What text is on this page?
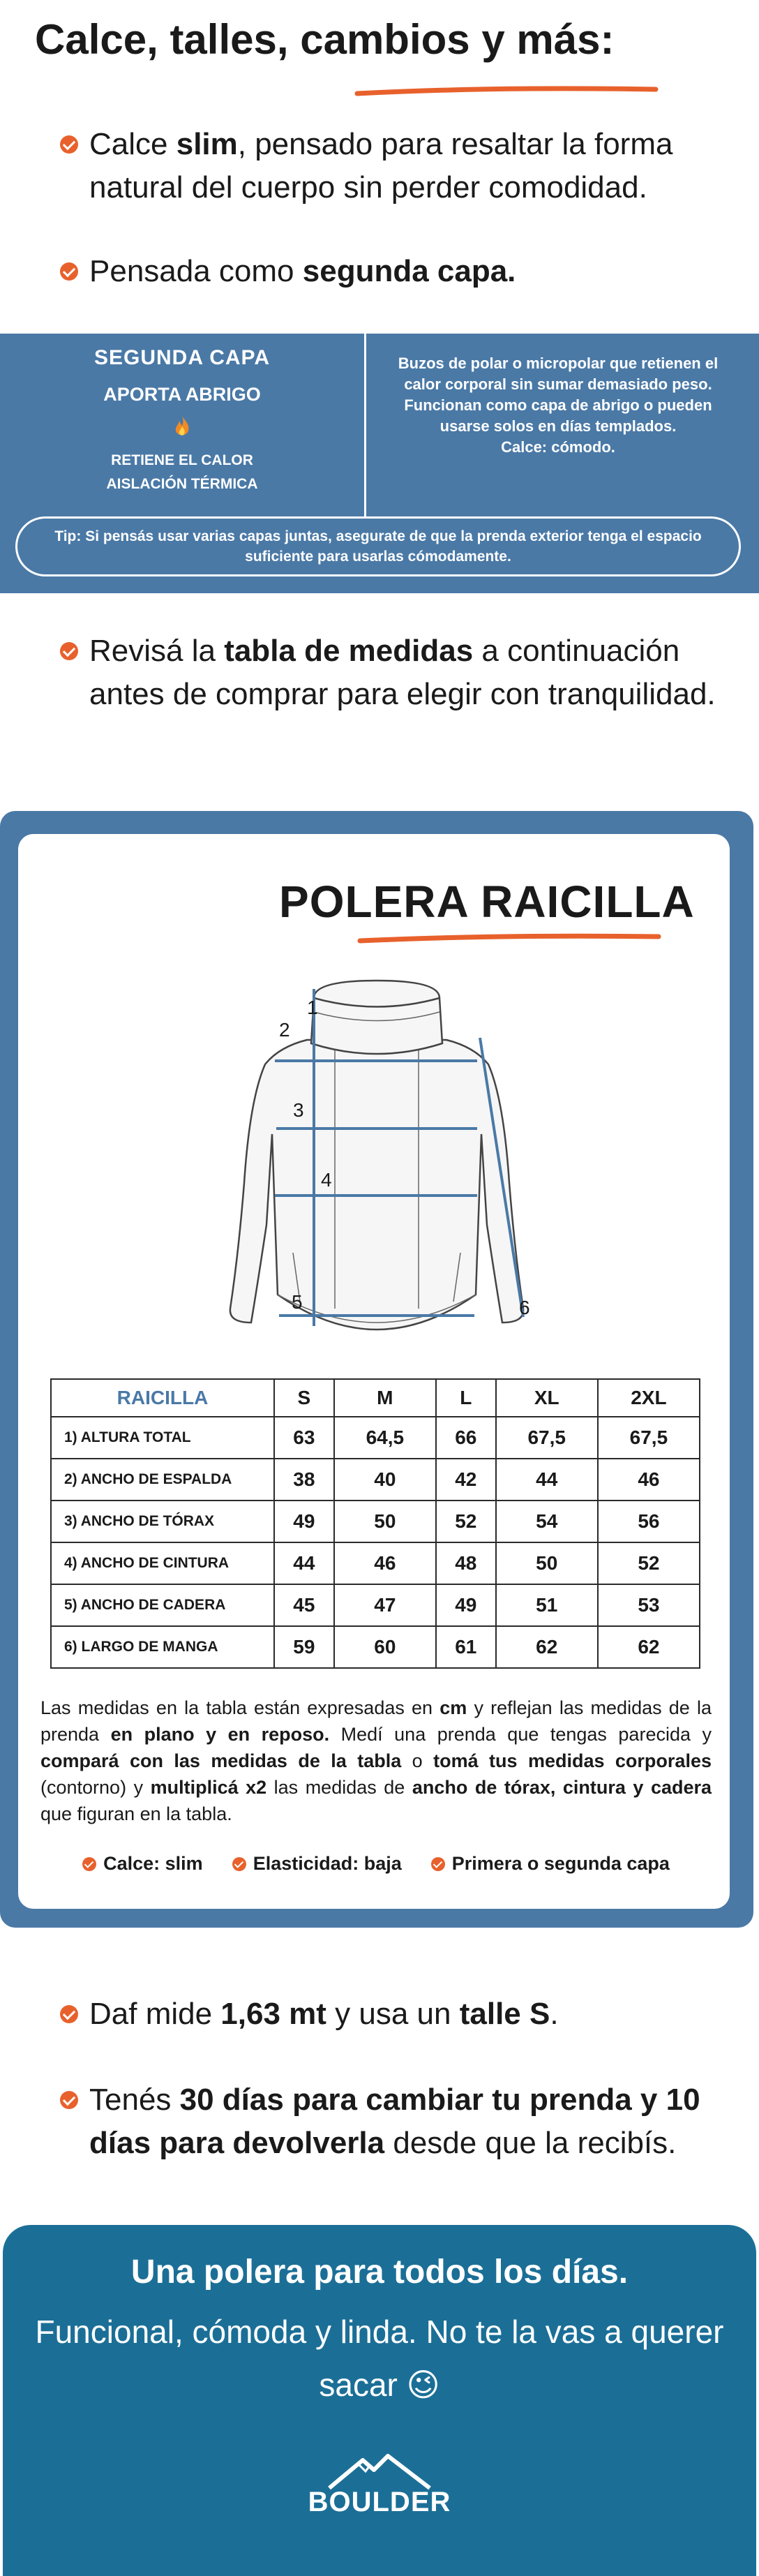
Calce, talles, cambios y más:
Calce slim, pensado para resaltar la forma natural del cuerpo sin perder comodidad.
Pensada como segunda capa.
SEGUNDA CAPA
APORTA ABRIGO
RETIENE EL CALOR
AISLACIÓN TÉRMICA
Buzos de polar o micropolar que retienen el calor corporal sin sumar demasiado peso.
Funcionan como capa de abrigo o pueden usarse solos en días templados.
Calce: cómodo.
Tip: Si pensás usar varias capas juntas, asegurate de que la prenda exterior tenga el espacio suficiente para usarlas cómodamente.
Revisá la tabla de medidas a continuación antes de comprar para elegir con tranquilidad.
POLERA RAICILLA
1
2
3
4
5	6
RAICILLA	S	M	L	XL	2XL
1) ALTURA TOTAL	63	64,5	66	67,5	67,5
2) ANCHO DE ESPALDA	38	40	42	44	46
3) ANCHO DE TÓRAX	49	50	52	54	56
4) ANCHO DE CINTURA	44	46	48	50	52
5) ANCHO DE CADERA	45	47	49	51	53
6) LARGO DE MANGA	59	60	61	62	62
Las medidas en la tabla están expresadas en cm y reflejan las medidas de la prenda en plano y en reposo. Medí una prenda que tengas parecida y compará con las medidas de la tabla o tomá tus medidas corporales (contorno) y multiplicá x2 las medidas de ancho de tórax, cintura y cadera que figuran en la tabla.
Calce: slim	Elasticidad: baja	Primera o segunda capa
Daf mide 1,63 mt y usa un talle S.
Tenés 30 días para cambiar tu prenda y 10 días para devolverla desde que la recibís.
Una polera para todos los días.
Funcional, cómoda y linda. No te la vas a querer sacar 😉
BOULDER
